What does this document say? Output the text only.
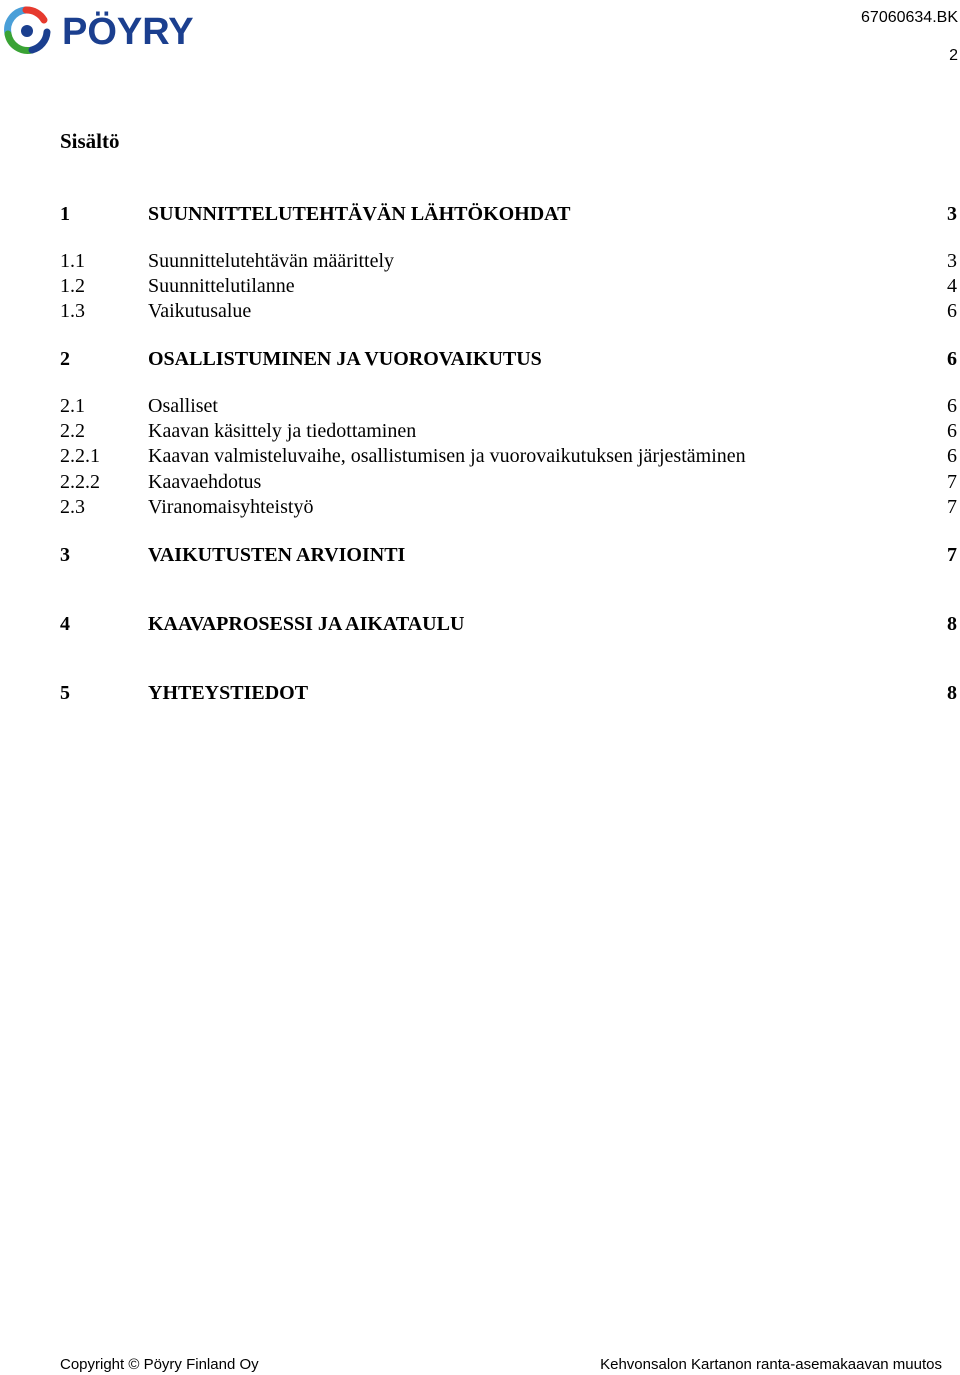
PÖYRY	67060634.BK
2
Sisältö
1	SUUNNITTELUTEHTÄVÄN LÄHTÖKOHDAT	3
1.1	Suunnittelutehtävän määrittely	3
1.2	Suunnittelutilanne	4
1.3	Vaikutusalue	6
2	OSALLISTUMINEN JA VUOROVAIKUTUS	6
2.1	Osalliset	6
2.2	Kaavan käsittely ja tiedottaminen	6
2.2.1 Kaavan valmisteluvaihe, osallistumisen ja vuorovaikutuksen järjestäminen	6
2.2.2 Kaavaehdotus	7
2.3	Viranomaisyhteistyö	7
3	VAIKUTUSTEN ARVIOINTI	7
4	KAAVAPROSESSI JA AIKATAULU	8
5	YHTEYSTIEDOT	8
Copyright © Pöyry Finland Oy	Kehvonsalon Kartanon ranta-asemakaavan muutos
